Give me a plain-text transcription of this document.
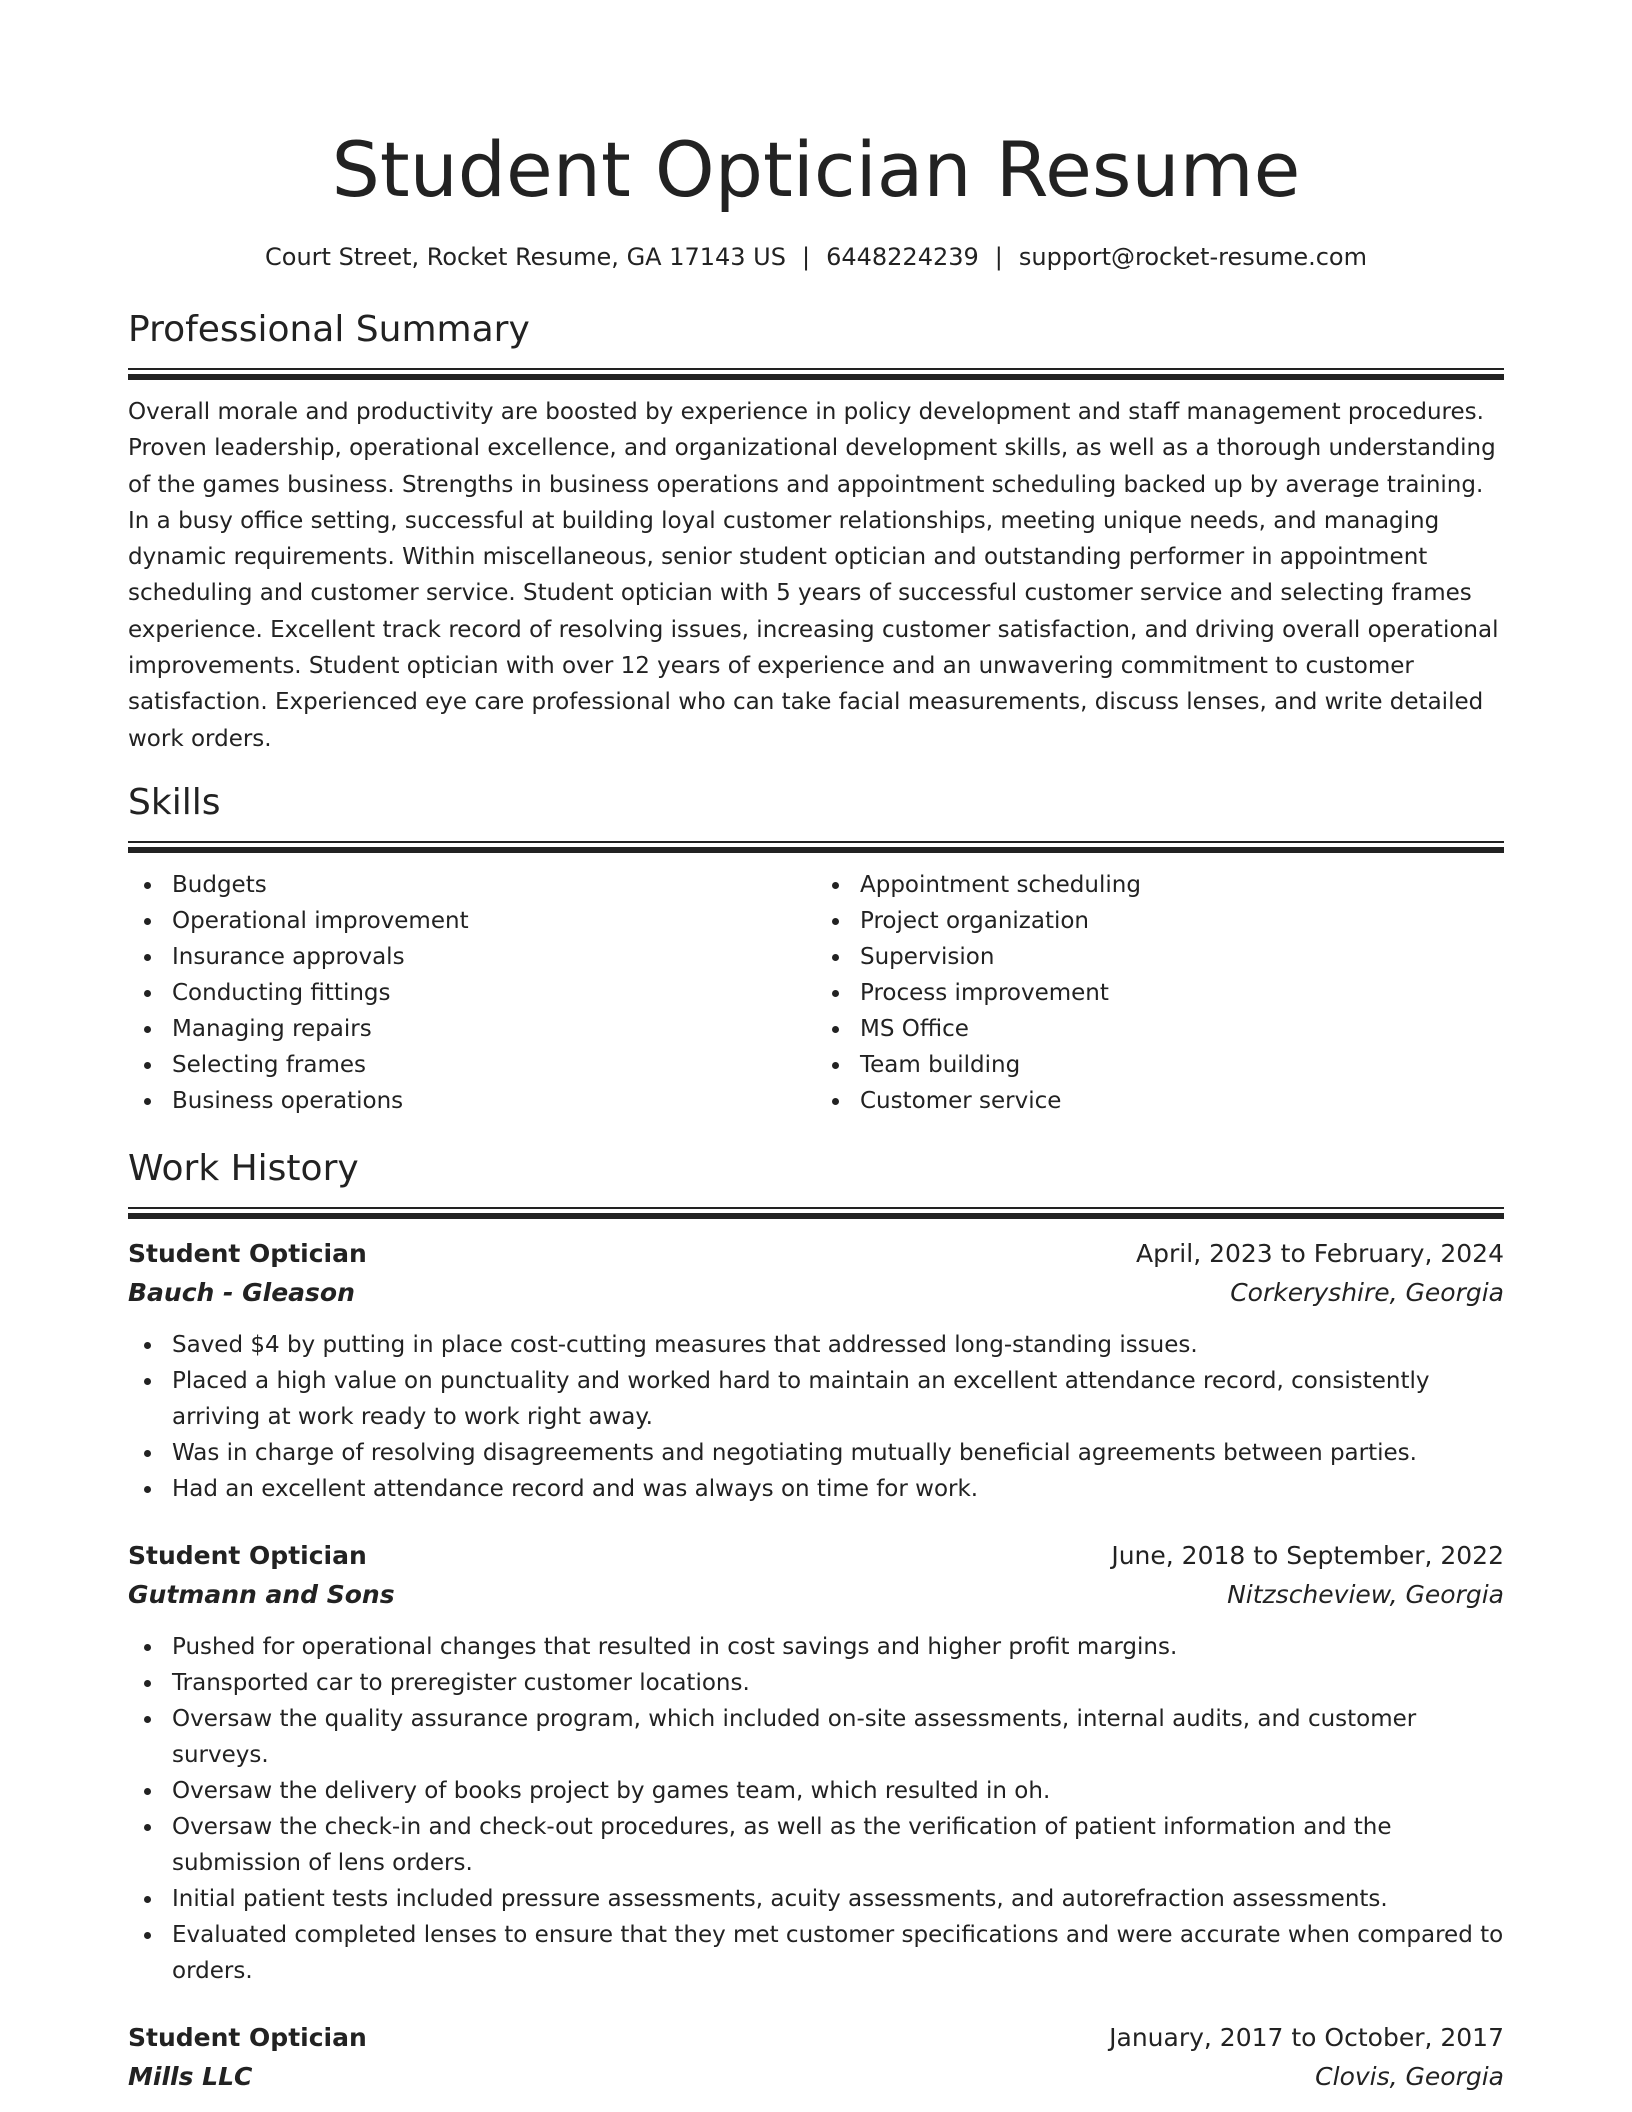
Student Optician Resume
Court Street, Rocket Resume, GA 17143 US | 6448224239 | support@rocket-resume.com
Professional Summary

Overall morale and productivity are boosted by experience in policy development and staff management procedures. Proven leadership, operational excellence, and organizational development skills, as well as a thorough understanding of the games business. Strengths in business operations and appointment scheduling backed up by average training. In a busy office setting, successful at building loyal customer relationships, meeting unique needs, and managing dynamic requirements. Within miscellaneous, senior student optician and outstanding performer in appointment scheduling and customer service. Student optician with 5 years of successful customer service and selecting frames experience. Excellent track record of resolving issues, increasing customer satisfaction, and driving overall operational improvements. Student optician with over 12 years of experience and an unwavering commitment to customer satisfaction. Experienced eye care professional who can take facial measurements, discuss lenses, and write detailed work orders.

Skills
Budgets
Operational improvement
Insurance approvals
Conducting fittings
Managing repairs
Selecting frames
Business operations
Appointment scheduling
Project organization
Supervision
Process improvement
MS Office
Team building
Customer service
Work History
Student Optician	April, 2023 to February, 2024
Bauch - Gleason	Corkeryshire, Georgia
Saved $4 by putting in place cost-cutting measures that addressed long-standing issues.
Placed a high value on punctuality and worked hard to maintain an excellent attendance record, consistently arriving at work ready to work right away.
Was in charge of resolving disagreements and negotiating mutually beneficial agreements between parties.
Had an excellent attendance record and was always on time for work.
Student Optician	June, 2018 to September, 2022
Gutmann and Sons	Nitzscheview, Georgia
Pushed for operational changes that resulted in cost savings and higher profit margins.
Transported car to preregister customer locations.
Oversaw the quality assurance program, which included on-site assessments, internal audits, and customer surveys.
Oversaw the delivery of books project by games team, which resulted in oh.
Oversaw the check-in and check-out procedures, as well as the verification of patient information and the submission of lens orders.
Initial patient tests included pressure assessments, acuity assessments, and autorefraction assessments.
Evaluated completed lenses to ensure that they met customer specifications and were accurate when compared to orders.
Student Optician	January, 2017 to October, 2017
Mills LLC	Clovis, Georgia
